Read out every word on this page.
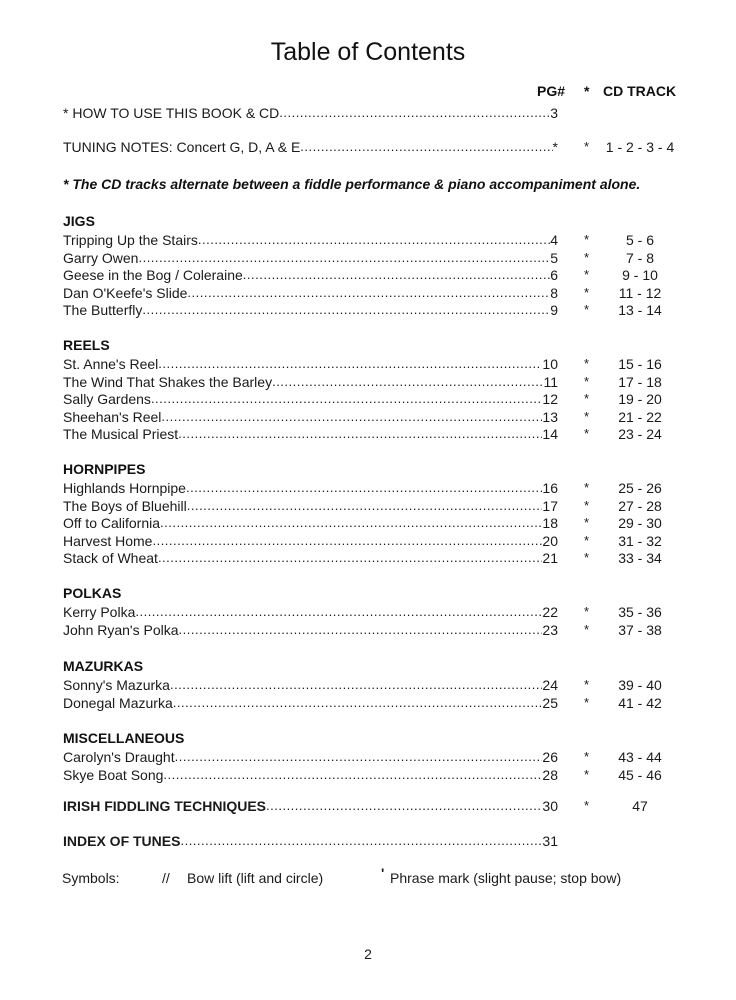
Table of Contents
PG# * CD TRACK
* HOW TO USE THIS BOOK & CD .....	3
TUNING NOTES: Concert G, D, A & E .....	* *	1 - 2 - 3 - 4
* The CD tracks alternate between a fiddle performance & piano accompaniment alone.
JIGS
Tripping Up the Stairs .....	4 *	5 - 6
Garry Owen .....	5 *	7 - 8
Geese in the Bog / Coleraine .....	6 *	9 - 10
Dan O'Keefe's Slide .....	8 *	11 - 12
The Butterfly .....	9 *	13 - 14
REELS
St. Anne's Reel .....	10 *	15 - 16
The Wind That Shakes the Barley .....	11 *	17 - 18
Sally Gardens .....	12 *	19 - 20
Sheehan's Reel .....	13 *	21 - 22
The Musical Priest .....	14 *	23 - 24
HORNPIPES
Highlands Hornpipe .....	16 *	25 - 26
The Boys of Bluehill .....	17 *	27 - 28
Off to California .....	18 *	29 - 30
Harvest Home .....	20 *	31 - 32
Stack of Wheat .....	21 *	33 - 34
POLKAS
Kerry Polka .....	22 *	35 - 36
John Ryan's Polka .....	23 *	37 - 38
MAZURKAS
Sonny's Mazurka .....	24 *	39 - 40
Donegal Mazurka .....	25 *	41 - 42
MISCELLANEOUS
Carolyn's Draught .....	26 *	43 - 44
Skye Boat Song .....	28 *	45 - 46
IRISH FIDDLING TECHNIQUES .....	30 *	47
INDEX OF TUNES .....	31
Symbols:	// Bow lift (lift and circle)	' Phrase mark (slight pause; stop bow)
2
